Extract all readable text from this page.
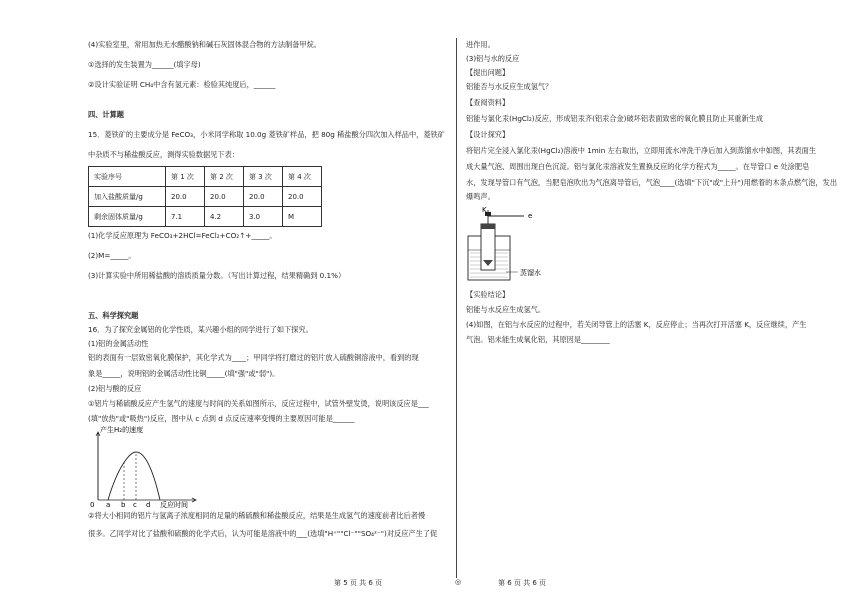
(4)实验室里，常用加热无水醋酸钠和碱石灰固体混合物的方法制备甲烷。

①选择的发生装置为______(填字母)

②设计实验证明 CH₄中含有氢元素：检验其纯度后，______

四、计算题

15．菱铁矿的主要成分是 FeCO₃，小米同学称取 10.0g 菱铁矿样品，把 80g 稀盐酸分四次加入样品中，菱铁矿

中杂质不与稀盐酸反应，测得实验数据见下表：

实验序号	第 1 次	第 2 次	第 3 次	第 4 次
加入盐酸质量/g	20.0	20.0	20.0	20.0
剩余固体质量/g	7.1	4.2	3.0	M

(1)化学反应原理为 FeCO₃+2HCl=FeCl₂+CO₂↑+_____。

(2)M=_____。

(3)计算实验中所用稀盐酸的溶质质量分数。（写出计算过程，结果精确到 0.1%）

五、科学探究题

16．为了探究金属铝的化学性质，某兴趣小组的同学进行了如下探究。

(1)铝的金属活动性

铝的表面有一层致密氧化膜保护，其化学式为____；甲同学将打磨过的铝片放入硫酸铜溶液中，看到的现

象是_____，说明铝的金属活动性比铜_____(填"强"或"弱")。

(2)铝与酸的反应

①铝片与稀硫酸反应产生氢气的速度与时间的关系如图所示，反应过程中，试管外壁发烫，说明该反应是___

(填"放热"或"吸热")反应，图中从 c 点到 d 点反应速率变慢的主要原因可能是______

产生H₂的速度
0 a b c d 反应时间

②将大小相同的铝片与氢离子浓度相同的足量的稀硫酸和稀盐酸反应，结果是生成氢气的速度前者比后者慢

很多。乙同学对比了盐酸和硫酸的化学式后，认为可能是溶液中的___(选填"H⁺""Cl⁻""SO₄²⁻")对反应产生了促

进作用。

(3)铝与水的反应

【提出问题】

铝能否与水反应生成氢气？

【查阅资料】

铝能与氯化汞(HgCl₂)反应，形成铝汞齐(铝汞合金)破坏铝表面致密的氧化膜且防止其重新生成

【设计探究】

将铝片完全浸入氯化汞(HgCl₂)溶液中 1min 左右取出，立即用流水冲洗干净后加入到蒸馏水中如图，其表面生

成大量气泡、周围出现白色沉淀。铝与氯化汞溶液发生置换反应的化学方程式为_____。在导管口 e 处涂肥皂

水，发现导管口有气泡，当肥皂泡吹出为气泡离导管后，气泡____(选填"下沉"或"上升")用燃着的木条点燃气泡，发出

爆鸣声。

K
e
蒸馏水

【实验结论】

铝能与水反应生成氢气。

(4)如图，在铝与水反应的过程中，若关闭导管上的活塞 K，反应停止；当再次打开活塞 K，反应继续，产生

气泡。铝未能生成氧化铝，其原因是________

第 5 页 共 6 页	◎	第 6 页 共 6 页
